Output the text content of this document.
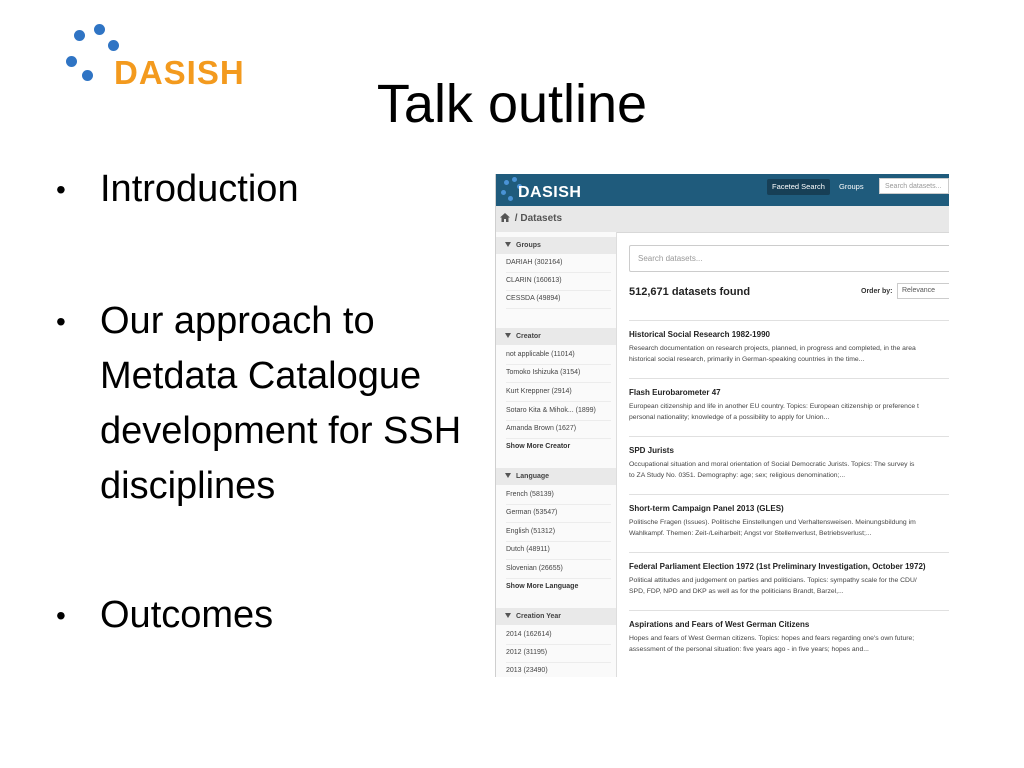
DASISH
Talk outline
• Introduction
• Our approach to Metdata Catalogue development for SSH disciplines
• Outcomes
DASISH	Faceted Search	Groups	Search datasets...
/ Datasets
Groups
DARIAH (302164)
CLARIN (160613)
CESSDA (49894)
Creator
not applicable (11014)
Tomoko Ishizuka (3154)
Kurt Kreppner (2914)
Sotaro Kita & Mihok... (1899)
Amanda Brown (1627)
Show More Creator
Language
French (58139)
German (53547)
English (51312)
Dutch (48911)
Slovenian (26655)
Show More Language
Creation Year
2014 (162614)
2012 (31195)
2013 (23490)
Search datasets...
512,671 datasets found	Order by:	Relevance
Historical Social Research 1982-1990
Research documentation on research projects, planned, in progress and completed, in the area
historical social research, primarily in German-speaking countries in the time...
Flash Eurobarometer 47
European citizenship and life in another EU country. Topics: European citizenship or preference t
personal nationality; knowledge of a possibility to apply for Union...
SPD Jurists
Occupational situation and moral orientation of Social Democratic Jurists. Topics: The survey is
to ZA Study No. 0351. Demography: age; sex; religious denomination;...
Short-term Campaign Panel 2013 (GLES)
Politische Fragen (Issues). Politische Einstellungen und Verhaltensweisen. Meinungsbildung im
Wahlkampf. Themen: Zeit-/Leiharbeit; Angst vor Stellenverlust, Betriebsverlust;...
Federal Parliament Election 1972 (1st Preliminary Investigation, October 1972)
Political attitudes and judgement on parties and politicians. Topics: sympathy scale for the CDU/
SPD, FDP, NPD and DKP as well as for the politicians Brandt, Barzel,...
Aspirations and Fears of West German Citizens
Hopes and fears of West German citizens. Topics: hopes and fears regarding one's own future;
assessment of the personal situation: five years ago - in five years; hopes and...
